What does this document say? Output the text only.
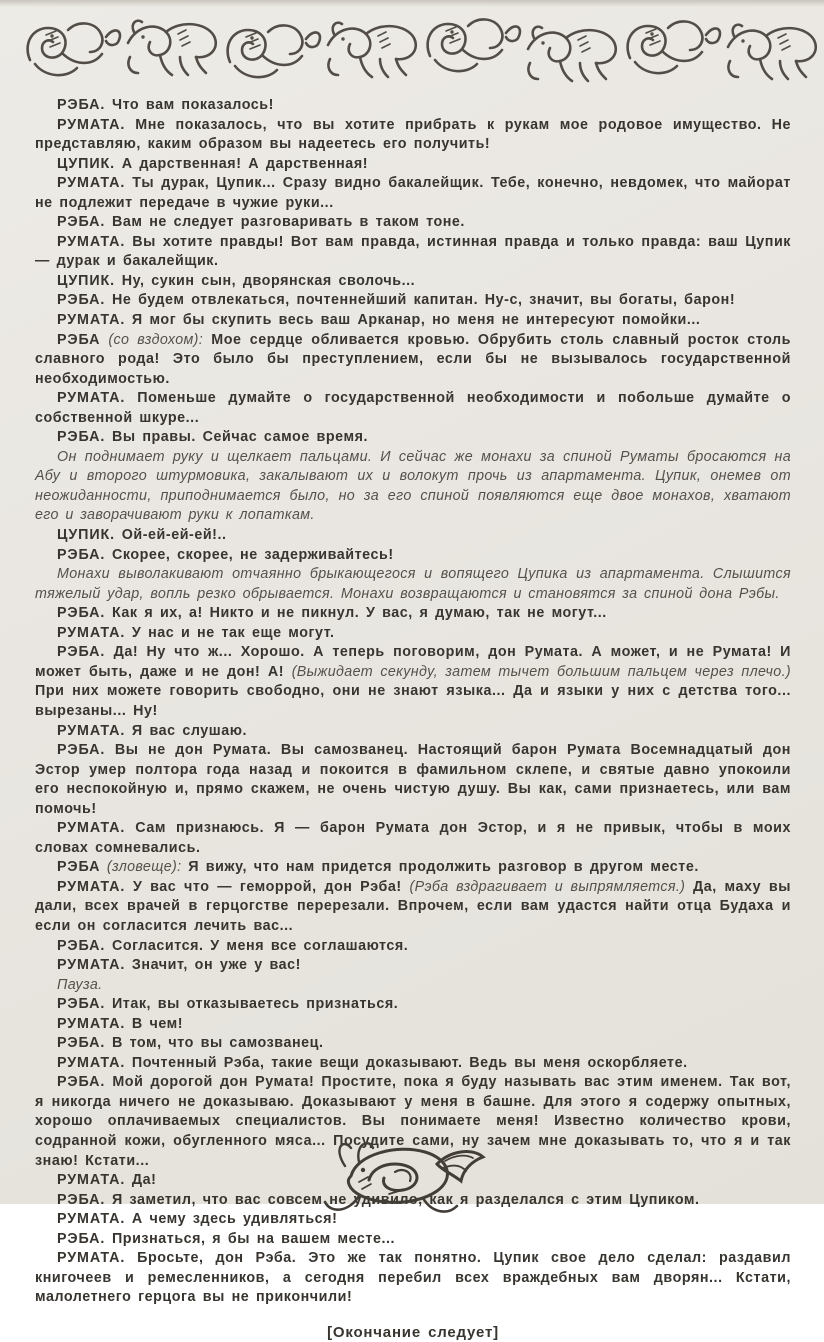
РЭБА. Что вам показалось!

РУМАТА. Мне показалось, что вы хотите прибрать к рукам мое родовое имущество. Не представляю, каким образом вы надеетесь его получить!

ЦУПИК. А дарственная! А дарственная!

РУМАТА. Ты дурак, Цупик... Сразу видно бакалейщик. Тебе, конечно, невдомек, что майорат не подлежит передаче в чужие руки...

РЭБА. Вам не следует разговаривать в таком тоне.

РУМАТА. Вы хотите правды! Вот вам правда, истинная правда и только правда: ваш Цупик — дурак и бакалейщик.

ЦУПИК. Ну, сукин сын, дворянская сволочь...

РЭБА. Не будем отвлекаться, почтеннейший капитан. Ну-с, значит, вы богаты, барон!

РУМАТА. Я мог бы скупить весь ваш Арканар, но меня не интересуют помойки...

РЭБА (со вздохом): Мое сердце обливается кровью. Обрубить столь славный росток столь славного рода! Это было бы преступлением, если бы не вызывалось государственной необходимостью.

РУМАТА. Поменьше думайте о государственной необходимости и побольше думайте о собственной шкуре...

РЭБА. Вы правы. Сейчас самое время.

Он поднимает руку и щелкает пальцами. И сейчас же монахи за спиной Руматы бросаются на Абу и второго штурмовика, закалывают их и волокут прочь из апартамента. Цупик, онемев от неожиданности, приподнимается было, но за его спиной появляются еще двое монахов, хватают его и заворачивают руки к лопаткам.

ЦУПИК. Ой-ей-ей-ей!..

РЭБА. Скорее, скорее, не задерживайтесь!

Монахи выволакивают отчаянно брыкающегося и вопящего Цупика из апартамента. Слышится тяжелый удар, вопль резко обрывается. Монахи возвращаются и становятся за спиной дона Рэбы.

РЭБА. Как я их, а! Никто и не пикнул. У вас, я думаю, так не могут...

РУМАТА. У нас и не так еще могут.

РЭБА. Да! Ну что ж... Хорошо. А теперь поговорим, дон Румата. А может, и не Румата! И может быть, даже и не дон! А! (Выжидает секунду, затем тычет большим пальцем через плечо.) При них можете говорить свободно, они не знают языка... Да и языки у них с детства того... вырезаны... Ну!

РУМАТА. Я вас слушаю.

РЭБА. Вы не дон Румата. Вы самозванец. Настоящий барон Румата Восемнадцатый дон Эстор умер полтора года назад и покоится в фамильном склепе, и святые давно упокоили его неспокойную и, прямо скажем, не очень чистую душу. Вы как, сами признаетесь, или вам помочь!

РУМАТА. Сам признаюсь. Я — барон Румата дон Эстор, и я не привык, чтобы в моих словах сомневались.

РЭБА (зловеще): Я вижу, что нам придется продолжить разговор в другом месте.

РУМАТА. У вас что — геморрой, дон Рэба! (Рэба вздрагивает и выпрямляется.) Да, маху вы дали, всех врачей в герцогстве перерезали. Впрочем, если вам удастся найти отца Будаха и если он согласится лечить вас...

РЭБА. Согласится. У меня все соглашаются.

РУМАТА. Значит, он уже у вас!

Пауза.

РЭБА. Итак, вы отказываетесь признаться.

РУМАТА. В чем!

РЭБА. В том, что вы самозванец.

РУМАТА. Почтенный Рэба, такие вещи доказывают. Ведь вы меня оскорбляете.

РЭБА. Мой дорогой дон Румата! Простите, пока я буду называть вас этим именем. Так вот, я никогда ничего не доказываю. Доказывают у меня в башне. Для этого я содержу опытных, хорошо оплачиваемых специалистов. Вы понимаете меня! Известно количество крови, содранной кожи, обугленного мяса... Посудите сами, ну зачем мне доказывать то, что я и так знаю! Кстати...

РУМАТА. Да!

РЭБА. Я заметил, что вас совсем не удивило, как я разделался с этим Цупиком.

РУМАТА. А чему здесь удивляться!

РЭБА. Признаться, я бы на вашем месте...

РУМАТА. Бросьте, дон Рэба. Это же так понятно. Цупик свое дело сделал: раздавил книгочеев и ремесленников, а сегодня перебил всех враждебных вам дворян... Кстати, малолетнего герцога вы не прикончили!

[Окончание следует]
